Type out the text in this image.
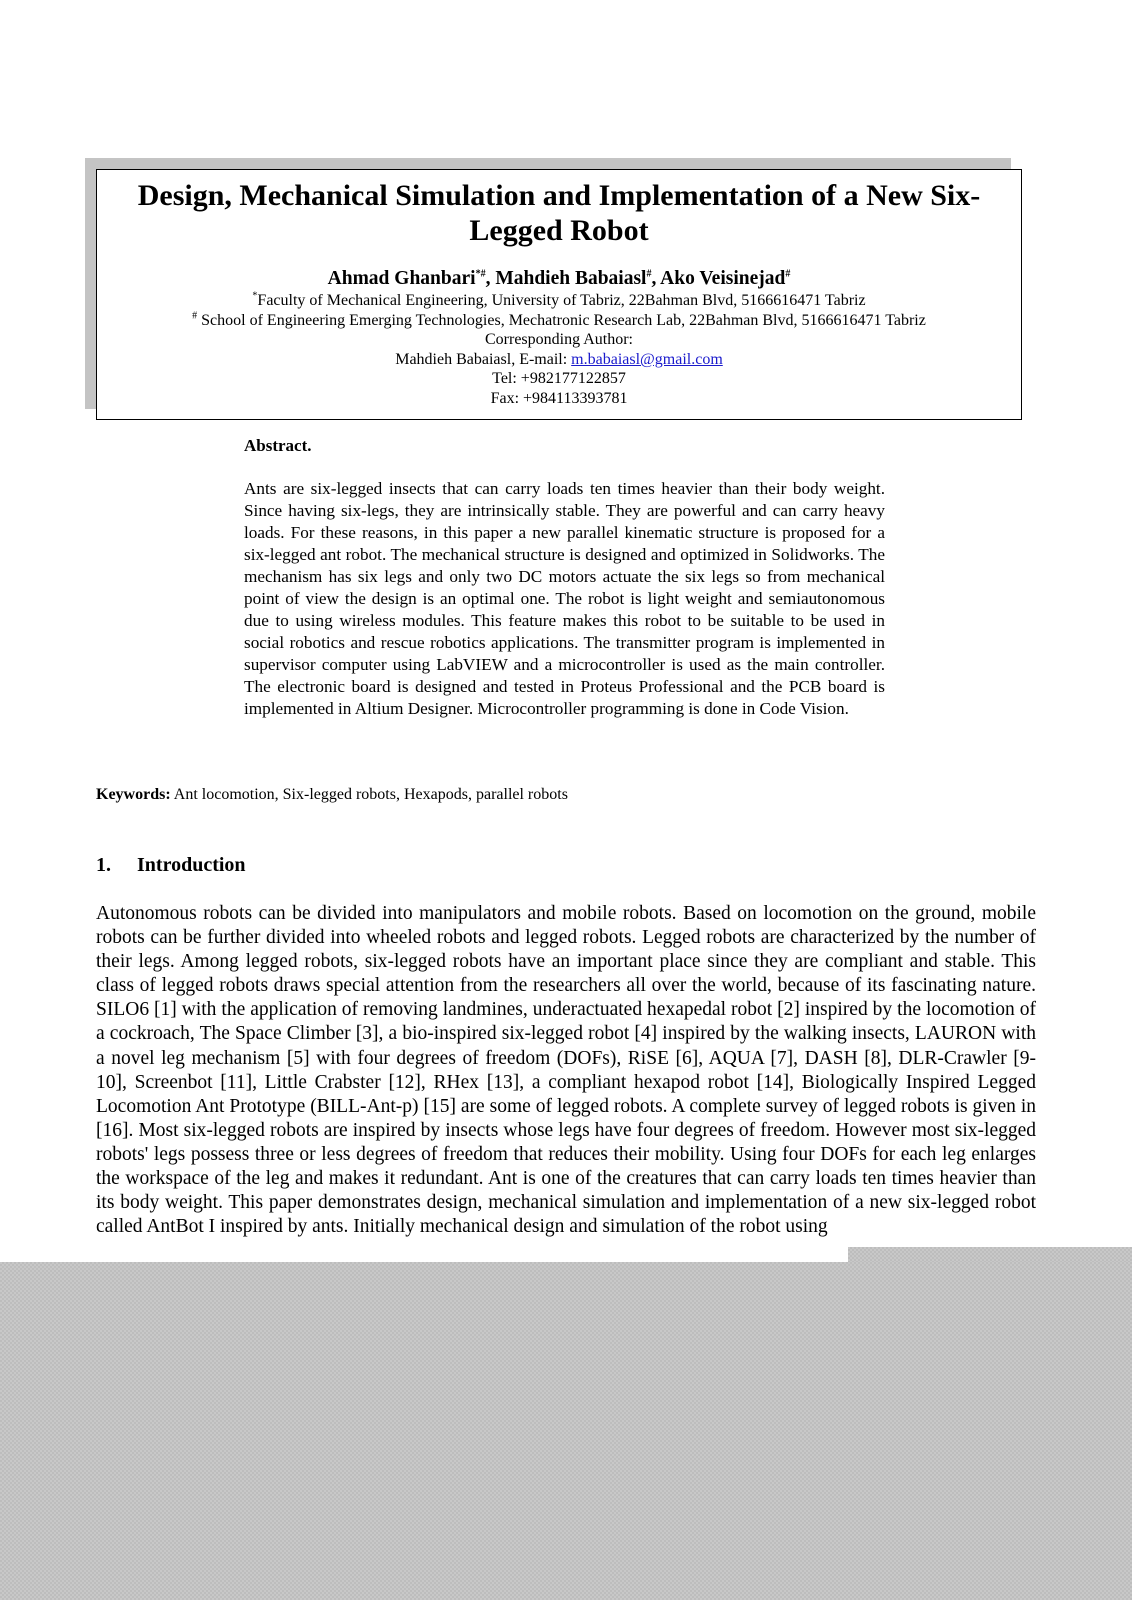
Design, Mechanical Simulation and Implementation of a New Six-Legged Robot
Ahmad Ghanbari*#, Mahdieh Babaiasl#, Ako Veisinejad#
*Faculty of Mechanical Engineering, University of Tabriz, 22Bahman Blvd, 5166616471 Tabriz
# School of Engineering Emerging Technologies, Mechatronic Research Lab, 22Bahman Blvd, 5166616471 Tabriz
Corresponding Author:
Mahdieh Babaiasl, E-mail: m.babaiasl@gmail.com
Tel: +982177122857
Fax: +984113393781
Abstract.

Ants are six-legged insects that can carry loads ten times heavier than their body weight. Since having six-legs, they are intrinsically stable. They are powerful and can carry heavy loads. For these reasons, in this paper a new parallel kinematic structure is proposed for a six-legged ant robot. The mechanical structure is designed and optimized in Solidworks. The mechanism has six legs and only two DC motors actuate the six legs so from mechanical point of view the design is an optimal one. The robot is light weight and semiautonomous due to using wireless modules. This feature makes this robot to be suitable to be used in social robotics and rescue robotics applications. The transmitter program is implemented in supervisor computer using LabVIEW and a microcontroller is used as the main controller. The electronic board is designed and tested in Proteus Professional and the PCB board is implemented in Altium Designer. Microcontroller programming is done in Code Vision.

Keywords: Ant locomotion, Six-legged robots, Hexapods, parallel robots

1. Introduction

Autonomous robots can be divided into manipulators and mobile robots. Based on locomotion on the ground, mobile robots can be further divided into wheeled robots and legged robots. Legged robots are characterized by the number of their legs. Among legged robots, six-legged robots have an important place since they are compliant and stable. This class of legged robots draws special attention from the researchers all over the world, because of its fascinating nature. SILO6 [1] with the application of removing landmines, underactuated hexapedal robot [2] inspired by the locomotion of a cockroach, The Space Climber [3], a bio-inspired six-legged robot [4] inspired by the walking insects, LAURON with a novel leg mechanism [5] with four degrees of freedom (DOFs), RiSE [6], AQUA [7], DASH [8], DLR-Crawler [9-10], Screenbot [11], Little Crabster [12], RHex [13], a compliant hexapod robot [14], Biologically Inspired Legged Locomotion Ant Prototype (BILL-Ant-p) [15] are some of legged robots. A complete survey of legged robots is given in [16]. Most six-legged robots are inspired by insects whose legs have four degrees of freedom. However most six-legged robots' legs possess three or less degrees of freedom that reduces their mobility. Using four DOFs for each leg enlarges the workspace of the leg and makes it redundant. Ant is one of the creatures that can carry loads ten times heavier than its body weight. This paper demonstrates design, mechanical simulation and implementation of a new six-legged robot called AntBot I inspired by ants. Initially mechanical design and simulation of the robot using
